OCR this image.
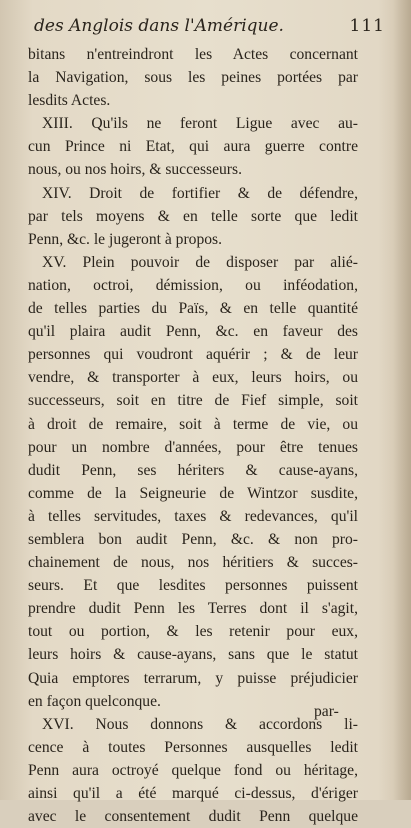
des Anglois dans l'Amérique.	111
bitans n'entreindront les Actes concernant
la Navigation, sous les peines portées par
lesdits Actes.
XIII. Qu'ils ne feront Ligue avec au-
cun Prince ni Etat, qui aura guerre contre
nous, ou nos hoirs, & successeurs.
XIV. Droit de fortifier & de défendre,
par tels moyens & en telle sorte que ledit
Penn, &c. le jugeront à propos.
XV. Plein pouvoir de disposer par alié-
nation, octroi, démission, ou inféodation,
de telles parties du Païs, & en telle quantité
qu'il plaira audit Penn, &c. en faveur des
personnes qui voudront aquérir ; & de leur
vendre, & transporter à eux, leurs hoirs, ou
successeurs, soit en titre de Fief simple, soit
à droit de remaire, soit à terme de vie, ou
pour un nombre d'années, pour être tenues
dudit Penn, ses hériters & cause-ayans,
comme de la Seigneurie de Wintzor susdite,
à telles servitudes, taxes & redevances, qu'il
semblera bon audit Penn, &c. & non pro-
chainement de nous, nos héritiers & succes-
seurs. Et que lesdites personnes puissent
prendre dudit Penn les Terres dont il s'agit,
tout ou portion, & les retenir pour eux,
leurs hoirs & cause-ayans, sans que le statut
Quia emptores terrarum, y puisse préjudicier
en façon quelconque.
XVI. Nous donnons & accordons li-
cence à toutes Personnes ausquelles ledit
Penn aura octroyé quelque fond ou héritage,
ainsi qu'il a été marqué ci-dessus, d'ériger
avec le consentement dudit Penn quelque
par-
